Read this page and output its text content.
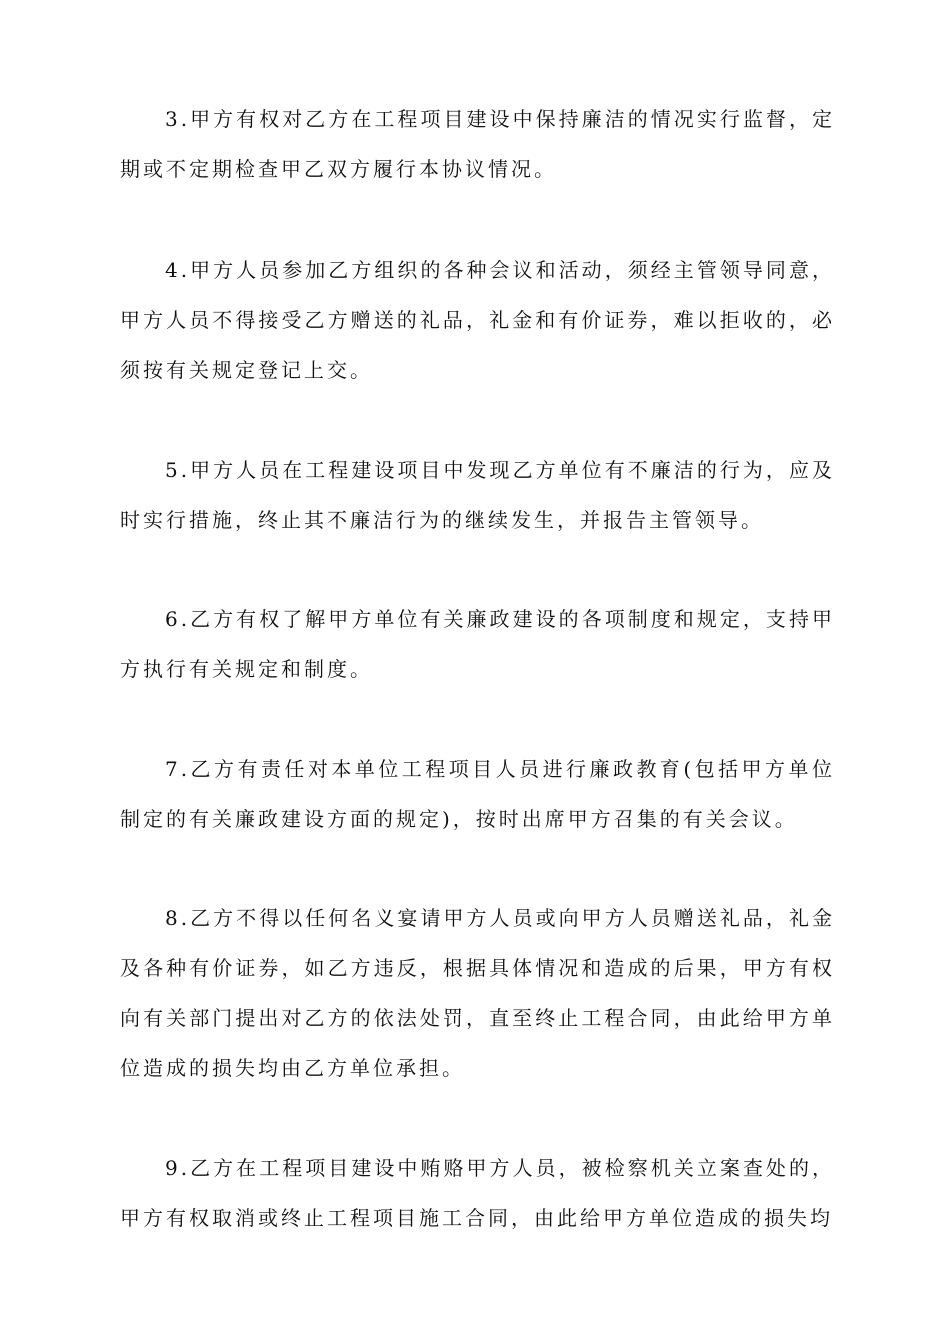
3.甲方有权对乙方在工程项目建设中保持廉洁的情况实行监督，定期或不定期检查甲乙双方履行本协议情况。

4.甲方人员参加乙方组织的各种会议和活动，须经主管领导同意，甲方人员不得接受乙方赠送的礼品，礼金和有价证券，难以拒收的，必须按有关规定登记上交。

5.甲方人员在工程建设项目中发现乙方单位有不廉洁的行为，应及时实行措施，终止其不廉洁行为的继续发生，并报告主管领导。

6.乙方有权了解甲方单位有关廉政建设的各项制度和规定，支持甲方执行有关规定和制度。

7.乙方有责任对本单位工程项目人员进行廉政教育(包括甲方单位制定的有关廉政建设方面的规定)，按时出席甲方召集的有关会议。

8.乙方不得以任何名义宴请甲方人员或向甲方人员赠送礼品，礼金及各种有价证券，如乙方违反，根据具体情况和造成的后果，甲方有权向有关部门提出对乙方的依法处罚，直至终止工程合同，由此给甲方单位造成的损失均由乙方单位承担。

9.乙方在工程项目建设中贿赂甲方人员，被检察机关立案查处的，甲方有权取消或终止工程项目施工合同，由此给甲方单位造成的损失均
